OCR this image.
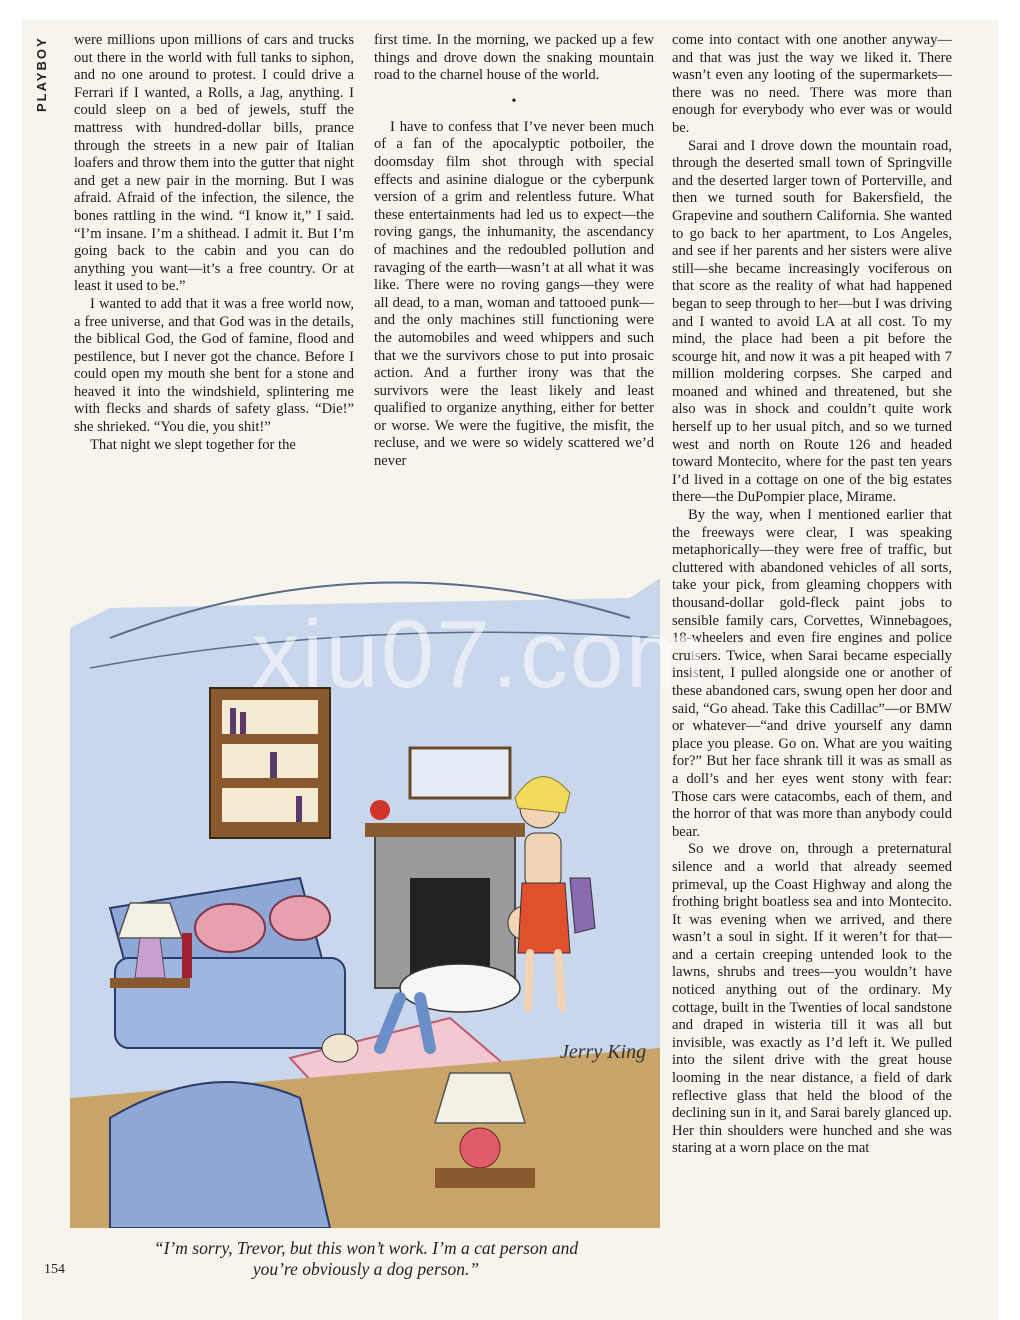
PLAYBOY were millions upon millions of cars and trucks out there in the world with full tanks to siphon, and no one around to protest. I could drive a Ferrari if I wanted, a Rolls, a Jag, anything. I could sleep on a bed of jewels, stuff the mattress with hundred-dollar bills, prance through the streets in a new pair of Italian loafers and throw them into the gutter that night and get a new pair in the morning. But I was afraid. Afraid of the infection, the silence, the bones rattling in the wind. “I know it,” I said. “I’m insane. I’m a shithead. I admit it. But I’m going back to the cabin and you can do anything you want—it’s a free country. Or at least it used to be.”

I wanted to add that it was a free world now, a free universe, and that God was in the details, the biblical God, the God of famine, flood and pestilence, but I never got the chance. Before I could open my mouth she bent for a stone and heaved it into the windshield, splintering me with flecks and shards of safety glass. “Die!” she shrieked. “You die, you shit!”

That night we slept together for the

first time. In the morning, we packed up a few things and drove down the snaking mountain road to the charnel house of the world.

•

I have to confess that I’ve never been much of a fan of the apocalyptic potboiler, the doomsday film shot through with special effects and asinine dialogue or the cyberpunk version of a grim and relentless future. What these entertainments had led us to expect—the roving gangs, the inhumanity, the ascendancy of machines and the redoubled pollution and ravaging of the earth—wasn’t at all what it was like. There were no roving gangs—they were all dead, to a man, woman and tattooed punk—and the only machines still functioning were the automobiles and weed whippers and such that we the survivors chose to put into prosaic action. And a further irony was that the survivors were the least likely and least qualified to organize anything, either for better or worse. We were the fugitive, the misfit, the recluse, and we were so widely scattered we’d never

come into contact with one another anyway—and that was just the way we liked it. There wasn’t even any looting of the supermarkets—there was no need. There was more than enough for everybody who ever was or would be.

Sarai and I drove down the mountain road, through the deserted small town of Springville and the deserted larger town of Porterville, and then we turned south for Bakersfield, the Grapevine and southern California. She wanted to go back to her apartment, to Los Angeles, and see if her parents and her sisters were alive still—she became increasingly vociferous on that score as the reality of what had happened began to seep through to her—but I was driving and I wanted to avoid LA at all cost. To my mind, the place had been a pit before the scourge hit, and now it was a pit heaped with 7 million moldering corpses. She carped and moaned and whined and threatened, but she also was in shock and couldn’t quite work herself up to her usual pitch, and so we turned west and north on Route 126 and headed toward Montecito, where for the past ten years I’d lived in a cottage on one of the big estates there—the DuPompier place, Mirame.

By the way, when I mentioned earlier that the freeways were clear, I was speaking metaphorically—they were free of traffic, but cluttered with abandoned vehicles of all sorts, take your pick, from gleaming choppers with thousand-dollar gold-fleck paint jobs to sensible family cars, Corvettes, Winnebagoes, 18-wheelers and even fire engines and police cruisers. Twice, when Sarai became especially insistent, I pulled alongside one or another of these abandoned cars, swung open her door and said, “Go ahead. Take this Cadillac”—or BMW or whatever—“and drive yourself any damn place you please. Go on. What are you waiting for?” But her face shrank till it was as small as a doll’s and her eyes went stony with fear: Those cars were catacombs, each of them, and the horror of that was more than anybody could bear.

So we drove on, through a preternatural silence and a world that already seemed primeval, up the Coast Highway and along the frothing bright boatless sea and into Montecito. It was evening when we arrived, and there wasn’t a soul in sight. If it weren’t for that—and a certain creeping untended look to the lawns, shrubs and trees—you wouldn’t have noticed anything out of the ordinary. My cottage, built in the Twenties of local sandstone and draped in wisteria till it was all but invisible, was exactly as I’d left it. We pulled into the silent drive with the great house looming in the near distance, a field of dark reflective glass that held the blood of the declining sun in it, and Sarai barely glanced up. Her thin shoulders were hunched and she was staring at a worn place on the mat

Jerry King
“I’m sorry, Trevor, but this won’t work. I’m a cat person and
you’re obviously a dog person.”
154
xiu07.com
